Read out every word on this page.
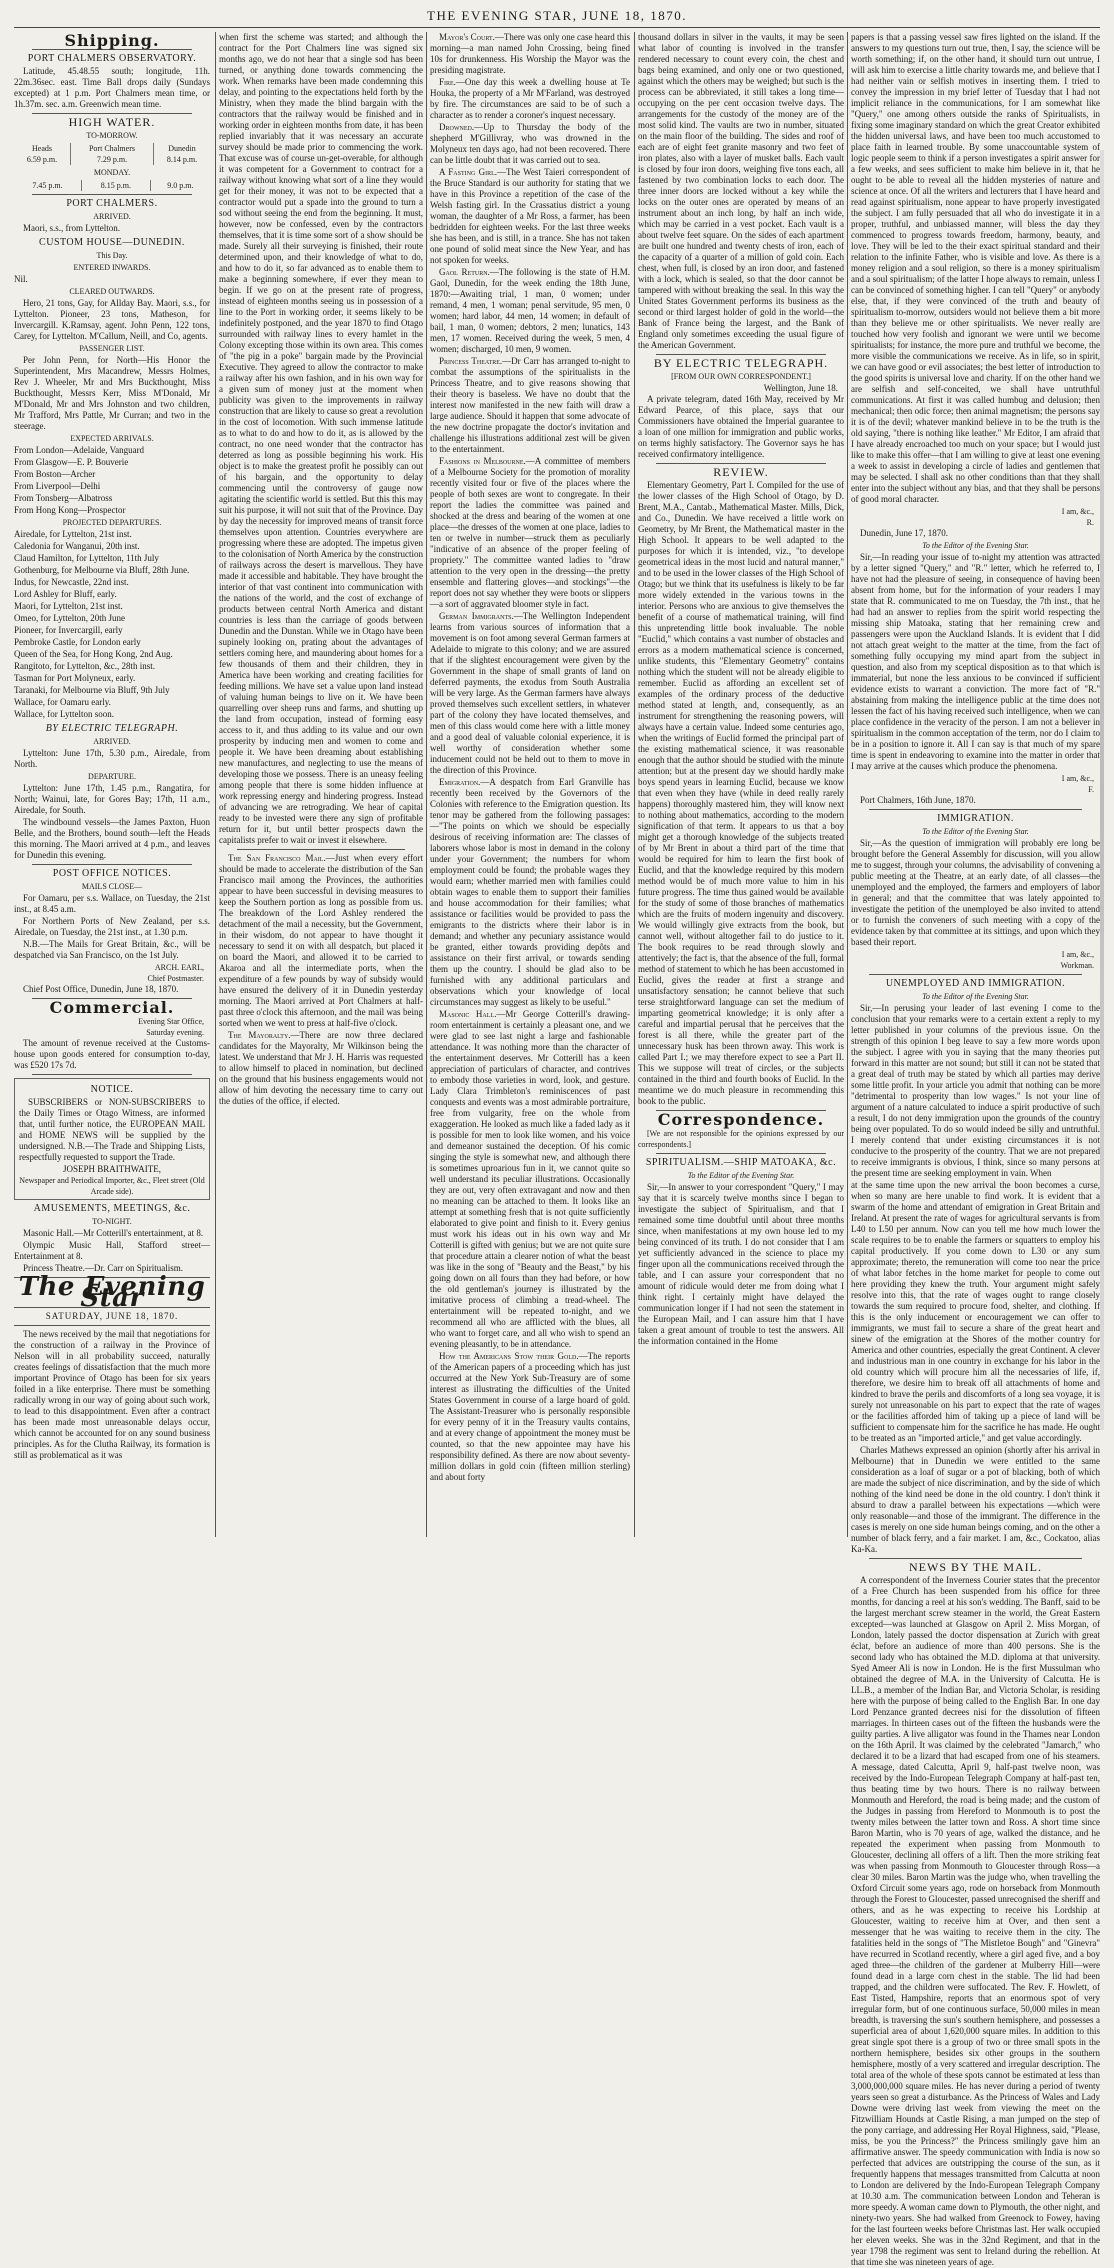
THE EVENING STAR, JUNE 18, 1870.
Shipping.
PORT CHALMERS OBSERVATORY.

Latitude, 45.48.55 south; longitude, 11h. 22m.36sec. east. Time Ball drops daily (Sundays excepted) at 1 p.m. Port Chalmers mean time, or 1h.37m. sec. a.m. Greenwich mean time.

HIGH WATER.
TO-MORROW.
Heads	Port Chalmers	Dunedin
6.59 p.m.	7.29 p.m.	8.14 p.m.
MONDAY.
7.45 p.m.	8.15 p.m.	9.0 p.m.
PORT CHALMERS.
ARRIVED.

Maori, s.s., from Lyttelton.

CUSTOM HOUSE—DUNEDIN.
This Day.
ENTERED INWARDS.

Nil.

CLEARED OUTWARDS.

Hero, 21 tons, Gay, for Allday Bay. Maori, s.s., for Lyttelton. Pioneer, 23 tons, Matheson, for Invercargill. K.Ramsay, agent. John Penn, 122 tons, Carey, for Lyttelton. M'Callum, Neill, and Co, agents.

PASSENGER LIST.

Per John Penn, for North—His Honor the Superintendent, Mrs Macandrew, Messrs Holmes, Rev J. Wheeler, Mr and Mrs Buckthought, Miss Buckthought, Messrs Kerr, Miss M'Donald, Mr M'Donald, Mr and Mrs Johnston and two children, Mr Trafford, Mrs Pattle, Mr Curran; and two in the steerage.

EXPECTED ARRIVALS.

From London—Adelaide, Vanguard

From Glasgow—E. P. Bouverie

From Boston—Archer

From Liverpool—Delhi

From Tonsberg—Albatross

From Hong Kong—Prospector

PROJECTED DEPARTURES.

Airedale, for Lyttelton, 21st inst.

Caledonia for Wanganui, 20th inst.

Claud Hamilton, for Lyttelton, 11th July

Gothenburg, for Melbourne via Bluff, 28th June.

Indus, for Newcastle, 22nd inst.

Lord Ashley for Bluff, early.

Maori, for Lyttelton, 21st inst.

Omeo, for Lyttelton, 20th June

Pioneer, for Invercargill, early

Pembroke Castle, for London early

Queen of the Sea, for Hong Kong, 2nd Aug.

Rangitoto, for Lyttelton, &c., 28th inst.

Tasman for Port Molyneux, early.

Taranaki, for Melbourne via Bluff, 9th July

Wallace, for Oamaru early.

Wallace, for Lyttelton soon.

BY ELECTRIC TELEGRAPH.
ARRIVED.

Lyttelton: June 17th, 5.30 p.m., Airedale, from North.

DEPARTURE.

Lyttelton: June 17th, 1.45 p.m., Rangatira, for North; Wainui, late, for Gores Bay; 17th, 11 a.m., Airedale, for South.

The windbound vessels—the James Paxton, Huon Belle, and the Brothers, bound south—left the Heads this morning. The Maori arrived at 4 p.m., and leaves for Dunedin this evening.

POST OFFICE NOTICES.
MAILS CLOSE—

For Oamaru, per s.s. Wallace, on Tuesday, the 21st inst., at 8.45 a.m.

For Northern Ports of New Zealand, per s.s. Airedale, on Tuesday, the 21st inst., at 1.30 p.m.

N.B.—The Mails for Great Britain, &c., will be despatched via San Francisco, on the 1st July.

ARCH. EARL,
Chief Postmaster.

Chief Post Office, Dunedin, June 18, 1870.

Commercial.
Evening Star Office,
Saturday evening.

The amount of revenue received at the Customs-house upon goods entered for consumption to-day, was £520 17s 7d.

NOTICE.

SUBSCRIBERS or NON-SUBSCRIBERS to the Daily Times or Otago Witness, are informed that, until further notice, the EUROPEAN MAIL and HOME NEWS will be supplied by the undersigned. N.B.—The Trade and Shipping Lists, respectfully requested to support the Trade.

JOSEPH BRAITHWAITE,
Newspaper and Periodical Importer, &c., Fleet street (Old Arcade side).
AMUSEMENTS, MEETINGS, &c.
TO-NIGHT.

Masonic Hall.—Mr Cotterill's entertainment, at 8.

Olympic Music Hall, Stafford street—Entertainment at 8.

Princess Theatre.—Dr. Carr on Spiritualism.

The Evening Star
SATURDAY, JUNE 18, 1870.

The news received by the mail that negotiations for the construction of a railway in the Province of Nelson will in all probability succeed, naturally creates feelings of dissatisfaction that the much more important Province of Otago has been for six years foiled in a like enterprise. There must be something radically wrong in our way of going about such work, to lead to this disappointment. Even after a contract has been made most unreasonable delays occur, which cannot be accounted for on any sound business principles. As for the Clutha Railway, its formation is still as problematical as it was

when first the scheme was started; and although the contract for the Port Chalmers line was signed six months ago, we do not hear that a single sod has been turned, or anything done towards commencing the work. When remarks have been made condemning this delay, and pointing to the expectations held forth by the Ministry, when they made the blind bargain with the contractors that the railway would be finished and in working order in eighteen months from date, it has been replied invariably that it was necessary an accurate survey should be made prior to commencing the work. That excuse was of course un-get-overable, for although it was competent for a Government to contract for a railway without knowing what sort of a line they would get for their money, it was not to be expected that a contractor would put a spade into the ground to turn a sod without seeing the end from the beginning. It must, however, now be confessed, even by the contractors themselves, that it is time some sort of a show should be made. Surely all their surveying is finished, their route determined upon, and their knowledge of what to do, and how to do it, so far advanced as to enable them to make a beginning somewhere, if ever they mean to begin. If we go on at the present rate of progress, instead of eighteen months seeing us in possession of a line to the Port in working order, it seems likely to be indefinitely postponed, and the year 1870 to find Otago surrounded with railway lines to every hamlet in the Colony excepting those within its own area. This comes of "the pig in a poke" bargain made by the Provincial Executive. They agreed to allow the contractor to make a railway after his own fashion, and in his own way for a given sum of money just at the moment when publicity was given to the improvements in railway construction that are likely to cause so great a revolution in the cost of locomotion. With such immense latitude as to what to do and how to do it, as is allowed by the contract, no one need wonder that the contractor has deterred as long as possible beginning his work. His object is to make the greatest profit he possibly can out of his bargain, and the opportunity to delay commencing until the controversy of gauge now agitating the scientific world is settled. But this this may suit his purpose, it will not suit that of the Province. Day by day the necessity for improved means of transit force themselves upon attention. Countries everywhere are progressing where these are adopted. The impetus given to the colonisation of North America by the construction of railways across the desert is marvellous. They have made it accessible and habitable. They have brought the interior of that vast continent into communication with the nations of the world, and the cost of exchange of products between central North America and distant countries is less than the carriage of goods between Dunedin and the Dunstan. While we in Otago have been supinely looking on, prating about the advantages of settlers coming here, and maundering about homes for a few thousands of them and their children, they in America have been working and creating facilities for feeding millions. We have set a value upon land instead of valuing human beings to live on it. We have been quarrelling over sheep runs and farms, and shutting up the land from occupation, instead of forming easy access to it, and thus adding to its value and our own prosperity by inducing men and women to come and people it. We have been dreaming about establishing new manufactures, and neglecting to use the means of developing those we possess. There is an uneasy feeling among people that there is some hidden influence at work repressing energy and hindering progress. Instead of advancing we are retrograding. We hear of capital ready to be invested were there any sign of profitable return for it, but until better prospects dawn the capitalists prefer to wait or invest it elsewhere.

The San Francisco Mail.—Just when every effort should be made to accelerate the distribution of the San Francisco mail among the Provinces, the authorities appear to have been successful in devising measures to keep the Southern portion as long as possible from us. The breakdown of the Lord Ashley rendered the detachment of the mail a necessity, but the Government, in their wisdom, do not appear to have thought it necessary to send it on with all despatch, but placed it on board the Maori, and allowed it to be carried to Akaroa and all the intermediate ports, when the expenditure of a few pounds by way of subsidy would have ensured the delivery of it in Dunedin yesterday morning. The Maori arrived at Port Chalmers at half-past three o'clock this afternoon, and the mail was being sorted when we went to press at half-five o'clock.

The Mayoralty.—There are now three declared candidates for the Mayoralty, Mr Wilkinson being the latest. We understand that Mr J. H. Harris was requested to allow himself to placed in nomination, but declined on the ground that his business engagements would not allow of him devoting the necessary time to carry out the duties of the office, if elected.

Mayor's Court.—There was only one case heard this morning—a man named John Crossing, being fined 10s for drunkenness. His Worship the Mayor was the presiding magistrate.

Fire.—One day this week a dwelling house at Te Houka, the property of a Mr M'Farland, was destroyed by fire. The circumstances are said to be of such a character as to render a coroner's inquest necessary.

Drowned.—Up to Thursday the body of the shepherd M'Gillivray, who was drowned in the Molyneux ten days ago, had not been recovered. There can be little doubt that it was carried out to sea.

A Fasting Girl.—The West Taieri correspondent of the Bruce Standard is our authority for stating that we have in this Province a repetition of the case of the Welsh fasting girl. In the Crassatius district a young woman, the daughter of a Mr Ross, a farmer, has been bedridden for eighteen weeks. For the last three weeks she has been, and is still, in a trance. She has not taken one pound of solid meat since the New Year, and has not spoken for weeks.

Gaol Return.—The following is the state of H.M. Gaol, Dunedin, for the week ending the 18th June, 1870:—Awaiting trial, 1 man, 0 women; under remand, 4 men, 1 woman; penal servitude, 95 men, 0 women; hard labor, 44 men, 14 women; in default of bail, 1 man, 0 women; debtors, 2 men; lunatics, 143 men, 17 women. Received during the week, 5 men, 4 women; discharged, 10 men, 9 women.

Princess Theatre.—Dr Carr has arranged to-night to combat the assumptions of the spiritualists in the Princess Theatre, and to give reasons showing that their theory is baseless. We have no doubt that the interest now manifested in the new faith will draw a large audience. Should it happen that some advocate of the new doctrine propagate the doctor's invitation and challenge his illustrations additional zest will be given to the entertainment.

Fashions in Melbourne.—A committee of members of a Melbourne Society for the promotion of morality recently visited four or five of the places where the people of both sexes are wont to congregate. In their report the ladies the committee was pained and shocked at the dress and bearing of the women at one place—the dresses of the women at one place, ladies to ten or twelve in number—struck them as peculiarly "indicative of an absence of the proper feeling of propriety." The committee wanted ladies to "draw attention to the very open in the dressing—the pretty ensemble and flattering gloves—and stockings"—the report does not say whether they were boots or slippers—a sort of aggravated bloomer style in fact.

German Immigrants.—The Wellington Independent learns from various sources of information that a movement is on foot among several German farmers at Adelaide to migrate to this colony; and we are assured that if the slightest encouragement were given by the Government in the shape of small grants of land on deferred payments, the exodus from South Australia will be very large. As the German farmers have always proved themselves such excellent settlers, in whatever part of the colony they have located themselves, and men of this class would come here with a little money and a good deal of valuable colonial experience, it is well worthy of consideration whether some inducement could not be held out to them to move in the direction of this Province.

Emigration.—A despatch from Earl Granville has recently been received by the Governors of the Colonies with reference to the Emigration question. Its tenor may be gathered from the following passages:—"The points on which we should be especially desirous of receiving information are: The classes of laborers whose labor is most in demand in the colony under your Government; the numbers for whom employment could be found; the probable wages they would earn; whether married men with families could obtain wages to enable them to support their families and house accommodation for their families; what assistance or facilities would be provided to pass the emigrants to the districts where their labor is in demand; and whether any pecuniary assistance would be granted, either towards providing depôts and assistance on their first arrival, or towards sending them up the country. I should be glad also to be furnished with any additional particulars and observations which your knowledge of local circumstances may suggest as likely to be useful."

Masonic Hall.—Mr George Cotterill's drawing-room entertainment is certainly a pleasant one, and we were glad to see last night a large and fashionable attendance. It was nothing more than the character of the entertainment deserves. Mr Cotterill has a keen appreciation of particulars of character, and contrives to embody those varieties in word, look, and gesture. Lady Clara Trimbleton's reminiscences of past conquests and events was a most admirable portraiture, free from vulgarity, free on the whole from exaggeration. He looked as much like a faded lady as it is possible for men to look like women, and his voice and demeanor sustained the deception. Of his comic singing the style is somewhat new, and although there is sometimes uproarious fun in it, we cannot quite so well understand its peculiar illustrations. Occasionally they are out, very often extravagant and now and then no meaning can be attached to them. It looks like an attempt at something fresh that is not quite sufficiently elaborated to give point and finish to it. Every genius must work his ideas out in his own way and Mr Cotterill is gifted with genius; but we are not quite sure that procedure attain a clearer notion of what the beast was like in the song of "Beauty and the Beast," by his going down on all fours than they had before, or how the old gentleman's journey is illustrated by the imitative process of climbing a tread-wheel. The entertainment will be repeated to-night, and we recommend all who are afflicted with the blues, all who want to forget care, and all who wish to spend an evening pleasantly, to be in attendance.

How the Americans Stow their Gold.—The reports of the American papers of a proceeding which has just occurred at the New York Sub-Treasury are of some interest as illustrating the difficulties of the United States Government in course of a large hoard of gold. The Assistant-Treasurer who is personally responsible for every penny of it in the Treasury vaults contains, and at every change of appointment the money must be counted, so that the new appointee may have his responsibility defined. As there are now about seventy-million dollars in gold coin (fifteen million sterling) and about forty

thousand dollars in silver in the vaults, it may be seen what labor of counting is involved in the transfer rendered necessary to count every coin, the chest and bags being examined, and only one or two questioned, against which the others may be weighed; but such is the process can be abbreviated, it still takes a long time—occupying on the per cent occasion twelve days. The arrangements for the custody of the money are of the most solid kind. The vaults are two in number, situated on the main floor of the building. The sides and roof of each are of eight feet granite masonry and two feet of iron plates, also with a layer of musket balls. Each vault is closed by four iron doors, weighing five tons each, all fastened by two combination locks to each door. The three inner doors are locked without a key while the locks on the outer ones are operated by means of an instrument about an inch long, by half an inch wide, which may be carried in a vest pocket. Each vault is a about twelve feet square. On the sides of each apartment are built one hundred and twenty chests of iron, each of the capacity of a quarter of a million of gold coin. Each chest, when full, is closed by an iron door, and fastened with a lock, which is sealed, so that the door cannot be tampered with without breaking the seal. In this way the United States Government performs its business as the second or third largest holder of gold in the world—the Bank of France being the largest, and the Bank of England only sometimes exceeding the usual figure of the American Government.

BY ELECTRIC TELEGRAPH.
[FROM OUR OWN CORRESPONDENT.]
Wellington, June 18.

A private telegram, dated 16th May, received by Mr Edward Pearce, of this place, says that our Commissioners have obtained the Imperial guarantee to a loan of one million for immigration and public works, on terms highly satisfactory. The Governor says he has received confirmatory intelligence.

REVIEW.

Elementary Geometry, Part I. Compiled for the use of the lower classes of the High School of Otago, by D. Brent, M.A., Cantab., Mathematical Master. Mills, Dick, and Co., Dunedin. We have received a little work on Geometry, by Mr Brent, the Mathematical master in the High School. It appears to be well adapted to the purposes for which it is intended, viz., "to develope geometrical ideas in the most lucid and natural manner," and to be used in the lower classes of the High School of Otago; but we think that its usefulness is likely to be far more widely extended in the various towns in the interior. Persons who are anxious to give themselves the benefit of a course of mathematical training, will find this unpretending little book invaluable. The noble "Euclid," which contains a vast number of obstacles and errors as a modern mathematical science is concerned, unlike students, this "Elementary Geometry" contains nothing which the student will not be already eligible to remember. Euclid as affording an excellent set of examples of the ordinary process of the deductive method stated at length, and, consequently, as an instrument for strengthening the reasoning powers, will always have a certain value. Indeed some centuries ago, when the writings of Euclid formed the principal part of the existing mathematical science, it was reasonable enough that the author should be studied with the minute attention; but at the present day we should hardly make boys spend years in learning Euclid, because we know that even when they have (while in deed really rarely happens) thoroughly mastered him, they will know next to nothing about mathematics, according to the modern signification of that term. It appears to us that a boy might get a thorough knowledge of the subjects treated of by Mr Brent in about a third part of the time that would be required for him to learn the first book of Euclid, and that the knowledge required by this modern method would be of much more value to him in his future progress. The time thus gained would be available for the study of some of those branches of mathematics which are the fruits of modern ingenuity and discovery. We would willingly give extracts from the book, but cannot well, without altogether fail to do justice to it. The book requires to be read through slowly and attentively; the fact is, that the absence of the full, formal method of statement to which he has been accustomed in Euclid, gives the reader at first a strange and unsatisfactory sensation; he cannot believe that such terse straightforward language can set the medium of imparting geometrical knowledge; it is only after a careful and impartial perusal that he perceives that the forest is all there, while the greater part of the unnecessary husk has been thrown away. This work is called Part I.; we may therefore expect to see a Part II. This we suppose will treat of circles, or the subjects contained in the third and fourth books of Euclid. In the meantime we do much pleasure in recommending this book to the public.

Correspondence.

[We are not responsible for the opinions expressed by our correspondents.]

SPIRITUALISM.—SHIP MATOAKA, &c.
To the Editor of the Evening Star.

Sir,—In answer to your correspondent "Query," I may say that it is scarcely twelve months since I began to investigate the subject of Spiritualism, and that I remained some time doubtful until about three months since, when manifestations at my own house led to my being convinced of its truth. I do not consider that I am yet sufficiently advanced in the science to place my finger upon all the communications received through the table, and I can assure your correspondent that no amount of ridicule would deter me from doing what I think right. I certainly might have delayed the communication longer if I had not seen the statement in the European Mail, and I can assure him that I have taken a great amount of trouble to test the answers. All the information contained in the Home

papers is that a passing vessel saw fires lighted on the island. If the answers to my questions turn out true, then, I say, the science will be worth something; if, on the other hand, it should turn out untrue, I will ask him to exercise a little charity towards me, and believe that I had neither vain or selfish motives in inserting them. I tried to convey the impression in my brief letter of Tuesday that I had not implicit reliance in the communications, for I am somewhat like "Query," one among others outside the ranks of Spiritualists, in fixing some imaginary standard on which the great Creator exhibited the hidden universal laws, and have been too much accustomed to place faith in learned trouble. By some unaccountable system of logic people seem to think if a person investigates a spirit answer for a few weeks, and sees sufficient to make him believe in it, that he ought to be able to reveal all the hidden mysteries of nature and science at once. Of all the writers and lecturers that I have heard and read against spiritualism, none appear to have properly investigated the subject. I am fully persuaded that all who do investigate it in a proper, truthful, and unbiassed manner, will bless the day they commenced to progress towards freedom, harmony, beauty, and love. They will be led to the their exact spiritual standard and their relation to the infinite Father, who is visible and love. As there is a money religion and a soul religion, so there is a money spiritualism and a soul spiritualism; of the latter I hope always to remain, unless I can be convinced of something higher. I can tell "Query" or anybody else, that, if they were convinced of the truth and beauty of spiritualism to-morrow, outsiders would not believe them a bit more than they believe me or other spiritualists. We never really are touched how very foolish and ignorant we were until we become spiritualists; for instance, the more pure and truthful we become, the more visible the communications we receive. As in life, so in spirit, we can have good or evil associates; the best letter of introduction to the good spirits is universal love and charity. If on the other hand we are selfish and self-conceited, we shall have untruthful communications. At first it was called humbug and delusion; then mechanical; then odic force; then animal magnetism; the persons say it is of the devil; whatever mankind believe in to be the truth is the old saying, "there is nothing like leather." Mr Editor, I am afraid that I have already encroached too much on your space; but I would just like to make this offer—that I am willing to give at least one evening a week to assist in developing a circle of ladies and gentlemen that may be selected. I shall ask no other conditions than that they shall enter into the subject without any bias, and that they shall be persons of good moral character.

I am, &c.,
R.

Dunedin, June 17, 1870.

To the Editor of the Evening Star.

Sir,—In reading your issue of to-night my attention was attracted by a letter signed "Query," and "R." letter, which he referred to, I have not had the pleasure of seeing, in consequence of having been absent from home, but for the information of your readers I may state that R. communicated to me on Tuesday, the 7th inst., that he had had an answer to replies from the spirit world respecting the missing ship Matoaka, stating that her remaining crew and passengers were upon the Auckland Islands. It is evident that I did not attach great weight to the matter at the time, from the fact of something fully occupying my mind apart from the subject in question, and also from my sceptical disposition as to that which is immaterial, but none the less anxious to be convinced if sufficient evidence exists to warrant a conviction. The more fact of "R." abstaining from making the intelligence public at the time does not lessen the fact of his having received such intelligence, when we can place confidence in the veracity of the person. I am not a believer in spiritualism in the common acceptation of the term, nor do I claim to be in a position to ignore it. All I can say is that much of my spare time is spent in endeavoring to examine into the matter in order that I may arrive at the causes which produce the phenomena.

I am, &c.,
F.

Port Chalmers, 16th June, 1870.

IMMIGRATION.
To the Editor of the Evening Star.

Sir,—As the question of immigration will probably ere long be brought before the General Assembly for discussion, will you allow me to suggest, through your columns, the advisability of convening a public meeting at the Theatre, at an early date, of all classes—the unemployed and the employed, the farmers and employers of labor in general; and that the committee that was lately appointed to investigate the petition of the unemployed be also invited to attend or to furnish the conveners of such meeting with a copy of the evidence taken by that committee at its sittings, and upon which they based their report.

I am, &c.,
Workman.
UNEMPLOYED AND IMMIGRATION.
To the Editor of the Evening Star.

Sir,—In perusing your leader of last evening I come to the conclusion that your remarks were to a certain extent a reply to my letter published in your columns of the previous issue. On the strength of this opinion I beg leave to say a few more words upon the subject. I agree with you in saying that the many theories put forward in this matter are not sound; but still it can not be stated that a great deal of truth may be stated by which all parties may derive some little profit. In your article you admit that nothing can be more "detrimental to prosperity than low wages." Is not your line of argument of a nature calculated to induce a spirit productive of such a result, I do not deny immigration upon the grounds of the country being over populated. To do so would indeed be silly and untruthful. I merely contend that under existing circumstances it is not conducive to the prosperity of the country. That we are not prepared to receive immigrants is obvious, I think, since so many persons at the present time are seeking employment in vain. When

at the same time upon the new arrival the boon becomes a curse, when so many are here unable to find work. It is evident that a swarm of the home and attendant of emigration in Great Britain and Ireland. At present the rate of wages for agricultural servants is from L40 to L50 per annum. Now can you tell me how much lower the scale requires to be to enable the farmers or squatters to employ his capital productively. If you come down to L30 or any sum approximate; thereto, the remuneration will come too near the price of what labor fetches in the home market for people to come out here providing they knew the truth. Your argument might safely resolve into this, that the rate of wages ought to range closely towards the sum required to procure food, shelter, and clothing. If this is the only inducement or encouragement we can offer to immigrants, we must fail to secure a share of the great heart and sinew of the emigration at the Shores of the mother country for America and other countries, especially the great Continent. A clever and industrious man in one country in exchange for his labor in the old country which will procure him all the necessaries of life, if, therefore, we desire him to break off all attachments of home and kindred to brave the perils and discomforts of a long sea voyage, it is surely not unreasonable on his part to expect that the rate of wages or the facilities afforded him of taking up a piece of land will be sufficient to compensate him for the sacrifice he has made. He ought to be treated as an "imported article," and get value accordingly.

Charles Mathews expressed an opinion (shortly after his arrival in Melbourne) that in Dunedin we were entitled to the same consideration as a loaf of sugar or a pot of blacking, both of which are made the subject of nice discrimination, and by the side of which nothing of the kind need be done in the old country. I don't think it absurd to draw a parallel between his expectations —which were only reasonable—and those of the immigrant. The difference in the cases is merely on one side human beings coming, and on the other a number of black ferry, and a fair market. I am, &c., Cockatoo, alias Ka-Ka.

NEWS BY THE MAIL.

A correspondent of the Inverness Courier states that the precentor of a Free Church has been suspended from his office for three months, for dancing a reel at his son's wedding. The Banff, said to be the largest merchant screw steamer in the world, the Great Eastern excepted—was launched at Glasgow on April 2. Miss Morgan, of London, lately passed the doctor dispensation at Zurich with great éclat, before an audience of more than 400 persons. She is the second lady who has obtained the M.D. diploma at that university. Syed Ameer Ali is now in London. He is the first Mussulman who obtained the degree of M.A. in the University of Calcutta. He is LL.B., a member of the Indian Bar, and Victoria Scholar, is residing here with the purpose of being called to the English Bar. In one day Lord Penzance granted decrees nisi for the dissolution of fifteen marriages. In thirteen cases out of the fifteen the husbands were the guilty parties. A live alligator was found in the Thames near London on the 16th April. It was claimed by the celebrated "Jamarch," who declared it to be a lizard that had escaped from one of his steamers. A message, dated Calcutta, April 9, half-past twelve noon, was received by the Indo-European Telegraph Company at half-past ten, thus beating time by two hours. There is no railway between Monmouth and Hereford, the road is being made; and the custom of the Judges in passing from Hereford to Monmouth is to post the twenty miles between the latter town and Ross. A short time since Baron Martin, who is 70 years of age, walked the distance, and he repeated the experiment when passing from Monmouth to Gloucester, declining all offers of a lift. Then the more striking feat was when passing from Monmouth to Gloucester through Ross—a clear 30 miles. Baron Martin was the judge who, when travelling the Oxford Circuit some years ago, rode on horseback from Monmouth through the Forest to Gloucester, passed unrecognised the sheriff and others, and as he was expecting to receive his Lordship at Gloucester, waiting to receive him at Over, and then sent a messenger that he was waiting to receive them in the city. The fatalities held in the songs of "The Mistletoe Bough" and "Ginevra" have recurred in Scotland recently, where a girl aged five, and a boy aged three—the children of the gardener at Mulberry Hill—were found dead in a large corn chest in the stable. The lid had been trapped, and the children were suffocated. The Rev. F. Howlett, of East Tisted, Hampshire, reports that an enormous spot of very irregular form, but of one continuous surface, 50,000 miles in mean breadth, is traversing the sun's southern hemisphere, and possesses a superficial area of about 1,620,000 square miles. In addition to this great single spot there is a group of two or three small spots in the northern hemisphere, besides six other groups in the southern hemisphere, mostly of a very scattered and irregular description. The total area of the whole of these spots cannot be estimated at less than 3,000,000,000 square miles. He has never during a period of twenty years seen so great a disturbance. As the Princess of Wales and Lady Downe were driving last week from viewing the meet on the Fitzwilliam Hounds at Castle Rising, a man jumped on the step of the pony carriage, and addressing Her Royal Highness, said, "Please, miss, be you the Princess?" the Princess smilingly gave him an affirmative answer. The speedy communication with India is now so perfected that advices are outstripping the course of the sun, as it frequently happens that messages transmitted from Calcutta at noon to London are delivered by the Indo-European Telegraph Company at 10.30 a.m. The communication between London and Teheran is more speedy. A woman came down to Plymouth, the other night, and ninety-two years. She had walked from Greenock to Fowey, having for the last fourteen weeks before Christmas last. Her walk occupied her eleven weeks. She was in the 32nd Regiment, and that in the year 1798 the regiment was sent to Ireland during the rebellion. At that time she was nineteen years of age.
